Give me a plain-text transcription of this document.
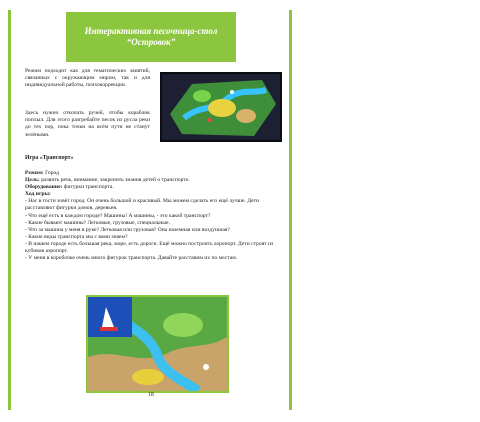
Интерактивная песочница-стол
“Островок”
Режим подходит как для тематических занятий, связанных с окружающим миром, так и для индивидуальной работы, психокоррекции.
Здесь нужно откопать ручей, чтобы кораблик поплыл. Для этого разгребайте песок из русла реки до тех пор, пока точки на всём пути не станут зелёными.
Игра «Транспорт»
Режим: Город
Цель: развить речь, внимание; закрепить знания детей о транспорте.
Оборудование: фигурки транспорта.
Ход игры:
- Нас в гости зовёт город. Он очень большой и красивый. Мы можем сделать его ещё лучше. Дети расставляют фигурки домов, деревьев.
- Что ещё есть в каждом городе? Машины! А машины, - это какой транспорт?
- Какие бывают машины? Легковые, грузовые, специальные.
- Что за машина у меня в руке? Легковая или грузовая? Она наземная или воздушная?
- Какие виды транспорта мы с вами знаем?
- В нашем городе есть большая река, море, есть дороги. Ещё можно построить аэропорт. Дети строят из кубиков аэропорт.
- У меня в коробочке очень много фигурок транспорта. Давайте расставим их по местам.
18
